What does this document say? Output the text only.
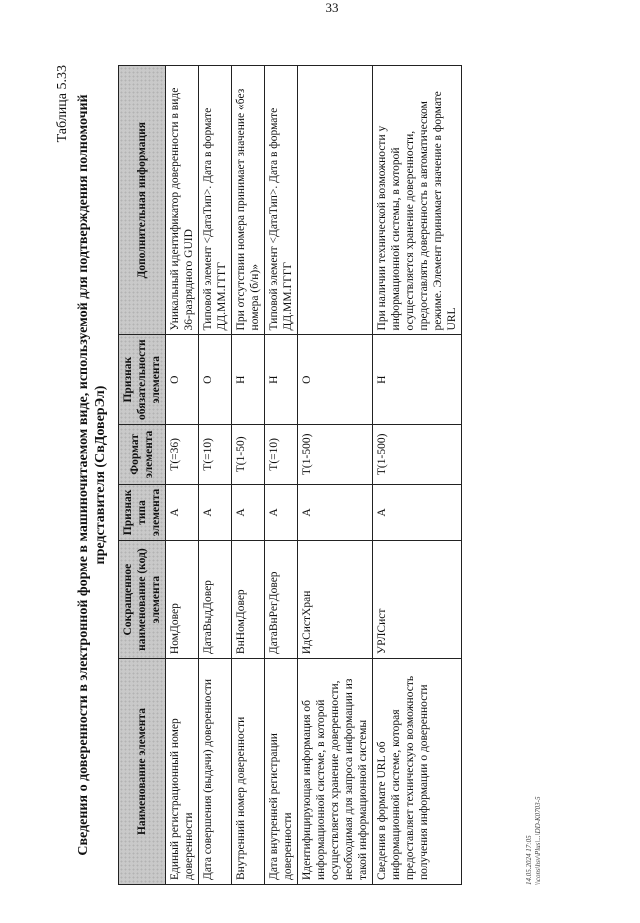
33
Таблица 5.33 Сведения о доверенности в электронной форме в машиночитаемом виде, используемой для подтверждения полномочий представителя (СвДоверЭл)
Наименование элемента	Сокращенное наименование (код) элемента	Признак типа элемента	Формат элемента	Признак обязательности элемента	Дополнительная информация
Единый регистрационный номер доверенности	НомДовер	А	T(=36)	О	Уникальный идентификатор доверенности в виде 36-разрядного GUID
Дата совершения (выдачи) доверенности	ДатаВыдДовер	А	T(=10)	О	Типовой элемент <ДатаТип>. Дата в формате ДД.ММ.ГГГГ
Внутренний номер доверенности	ВнНомДовер	А	T(1-50)	Н	При отсутствии номера принимает значение «без номера (б/н)»
Дата внутренней регистрации доверенности	ДатаВнРегДовер	А	T(=10)	Н	Типовой элемент <ДатаТип>. Дата в формате ДД.ММ.ГГГГ
Идентифицирующая информация об информационной системе, в которой осуществляется хранение доверенности, необходимая для запроса информации из такой информационной системы	ИдСистХран	А	T(1-500)	О	
Сведения в формате URL об информационной системе, которая предоставляет техническую возможность получения информации о доверенности	УРЛСист	А	T(1-500)	Н	При наличии технической возможности у информационной системы, в которой осуществляется хранение доверенности, предоставлять доверенность в автоматическом режиме. Элемент принимает значение в формате URL
14.05.2024 17:05 \\cons\hsv\Plus\...\DD-K0703-5
